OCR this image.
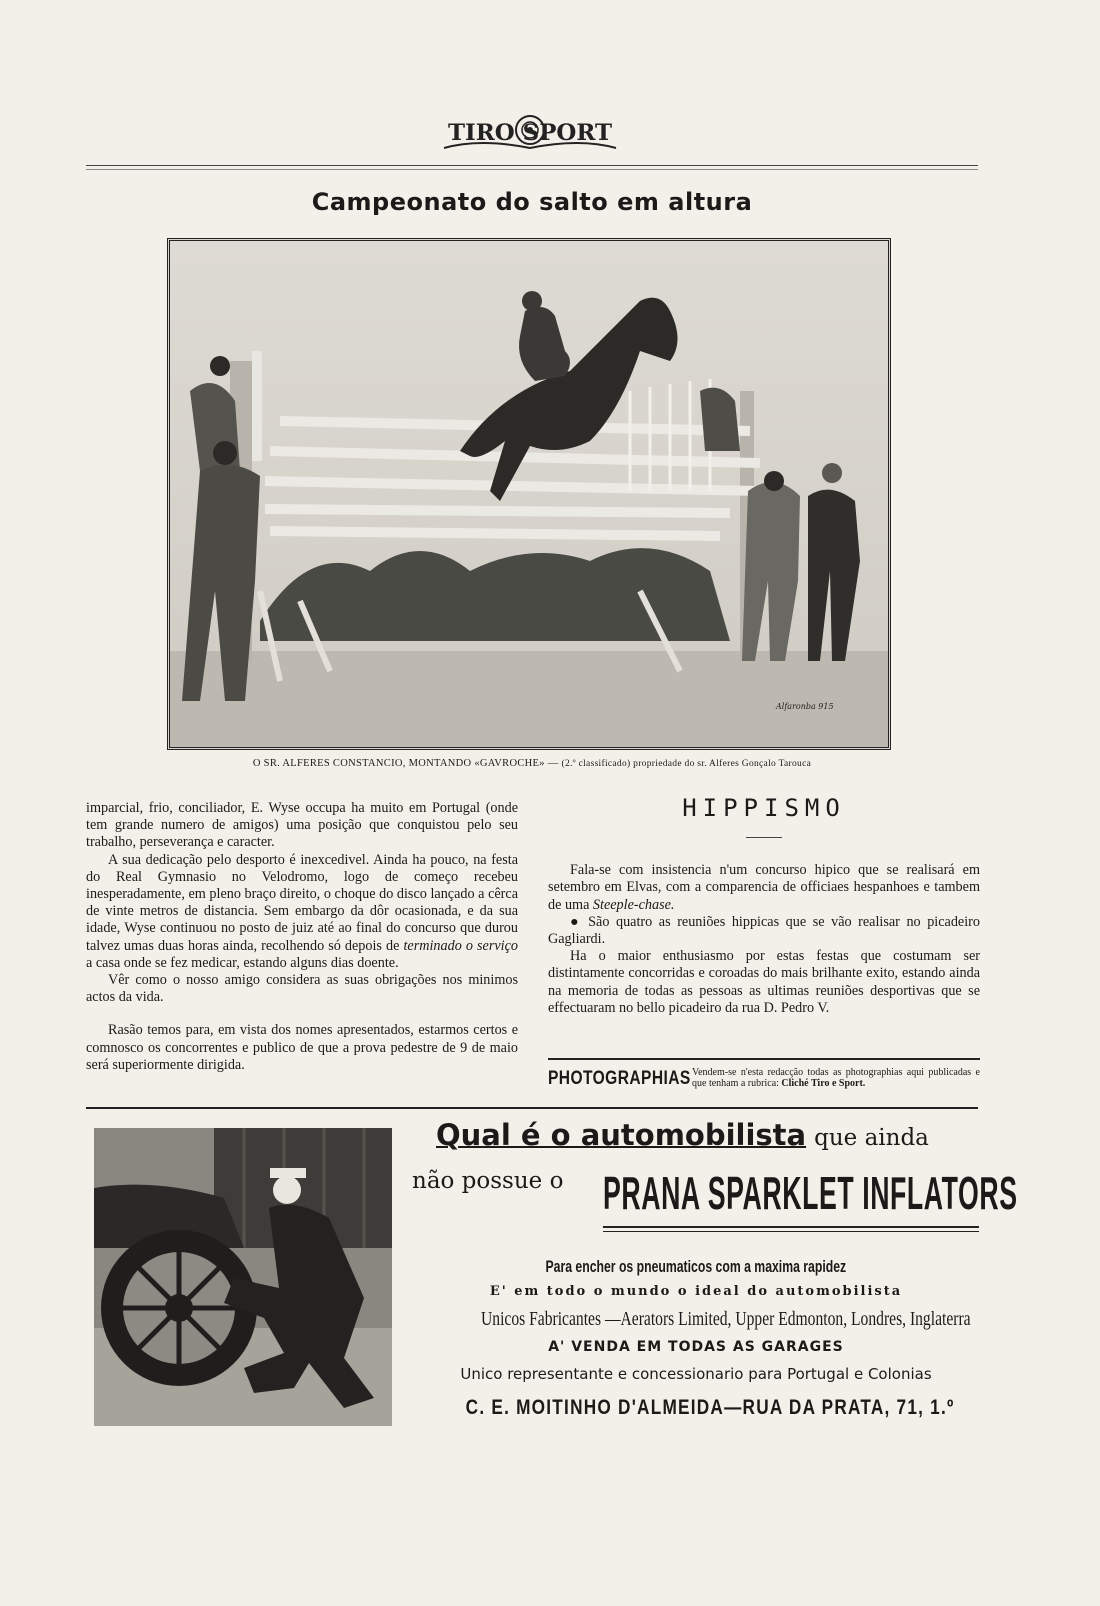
TIRO SPORT
Campeonato do salto em altura
Alfaronba 915
O SR. ALFERES CONSTANCIO, MONTANDO «GAVROCHE» — (2.º classificado) propriedade do sr. Alferes Gonçalo Tarouca

imparcial, frio, conciliador, E. Wyse occupa ha muito em Portugal (onde tem grande numero de amigos) uma posição que conquistou pelo seu trabalho, perseverança e caracter.

A sua dedicação pelo desporto é inexcedivel. Ainda ha pouco, na festa do Real Gymnasio no Velodromo, logo de começo recebeu inesperadamente, em pleno braço direito, o choque do disco lançado a cêrca de vinte metros de distancia. Sem embargo da dôr ocasionada, e da sua idade, Wyse continuou no posto de juiz até ao final do concurso que durou talvez umas duas horas ainda, recolhendo só depois de terminado o serviço a casa onde se fez medicar, estando alguns dias doente.

Vêr como o nosso amigo considera as suas obrigações nos minimos actos da vida.

Rasão temos para, em vista dos nomes apresentados, estarmos certos e comnosco os concorrentes e publico de que a prova pedestre de 9 de maio será superiormente dirigida.

HIPPISMO

Fala-se com insistencia n'um concurso hipico que se realisará em setembro em Elvas, com a comparencia de officiaes hespanhoes e tambem de uma Steeple-chase.

● São quatro as reuniões hippicas que se vão realisar no picadeiro Gagliardi.

Ha o maior enthusiasmo por estas festas que costumam ser distintamente concorridas e coroadas do mais brilhante exito, estando ainda na memoria de todas as pessoas as ultimas reuniões desportivas que se effectuaram no bello picadeiro da rua D. Pedro V.

PHOTOGRAPHIAS Vendem-se n'esta redacção todas as photographias aqui publicadas e que tenham a rubrica: Cliché Tiro e Sport.
Qual é o automobilista que ainda
não possue o PRANA SPARKLET INFLATORS
Para encher os pneumaticos com a maxima rapidez
E' em todo o mundo o ideal do automobilista
Unicos Fabricantes —Aerators Limited, Upper Edmonton, Londres, Inglaterra
A' VENDA EM TODAS AS GARAGES
Unico representante e concessionario para Portugal e Colonias
C. E. MOITINHO D'ALMEIDA—RUA DA PRATA, 71, 1.º
